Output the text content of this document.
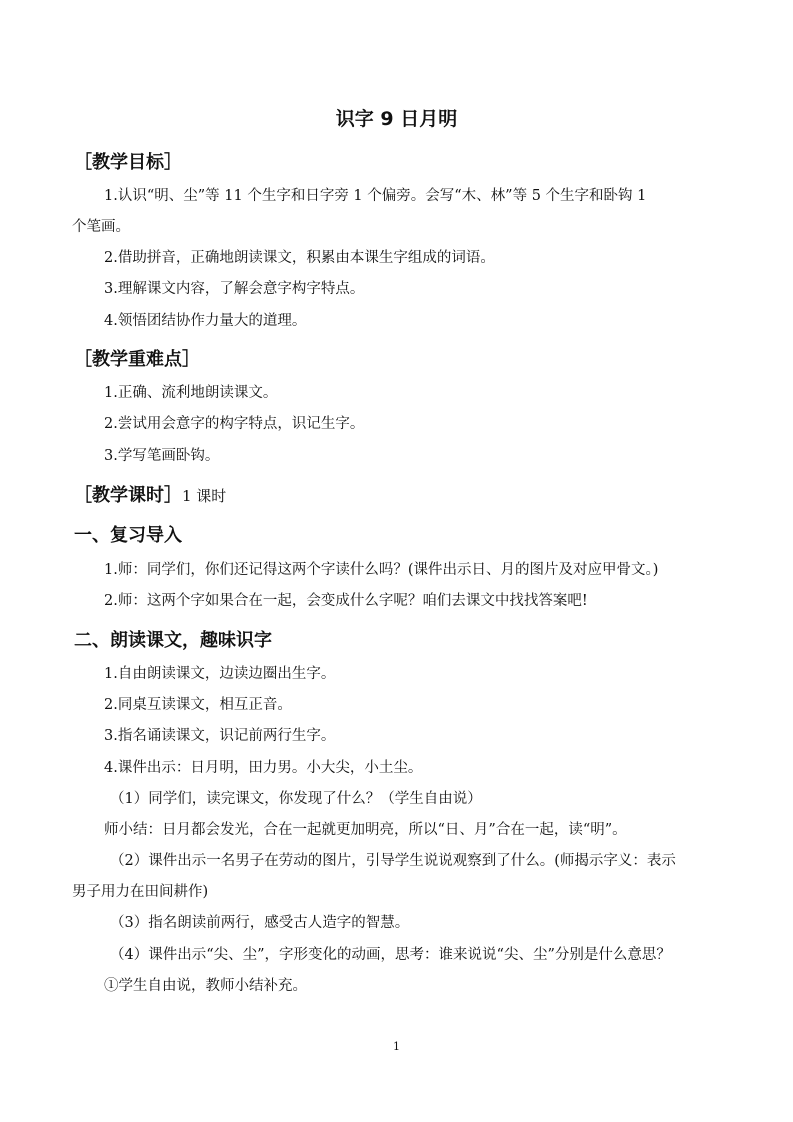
识字 9 日月明
［教学目标］
1.认识“明、尘”等 11 个生字和日字旁 1 个偏旁。会写“木、林”等 5 个生字和卧钩 1
个笔画。
2.借助拼音，正确地朗读课文，积累由本课生字组成的词语。
3.理解课文内容，了解会意字构字特点。
4.领悟团结协作力量大的道理。
［教学重难点］
1.正确、流利地朗读课文。
2.尝试用会意字的构字特点，识记生字。
3.学写笔画卧钩。
［教学课时］1 课时
一、复习导入
1.师：同学们，你们还记得这两个字读什么吗？(课件出示日、月的图片及对应甲骨文。)
2.师：这两个字如果合在一起，会变成什么字呢？咱们去课文中找找答案吧!
二、朗读课文，趣味识字
1.自由朗读课文，边读边圈出生字。
2.同桌互读课文，相互正音。
3.指名诵读课文，识记前两行生字。
4.课件出示：日月明，田力男。小大尖，小土尘。
（1）同学们，读完课文，你发现了什么？（学生自由说）
师小结：日月都会发光，合在一起就更加明亮，所以“日、月”合在一起，读“明”。
（2）课件出示一名男子在劳动的图片，引导学生说说观察到了什么。(师揭示字义：表示
男子用力在田间耕作)
（3）指名朗读前两行，感受古人造字的智慧。
（4）课件出示“尖、尘”，字形变化的动画，思考：谁来说说“尖、尘”分别是什么意思？
①学生自由说，教师小结补充。
1
